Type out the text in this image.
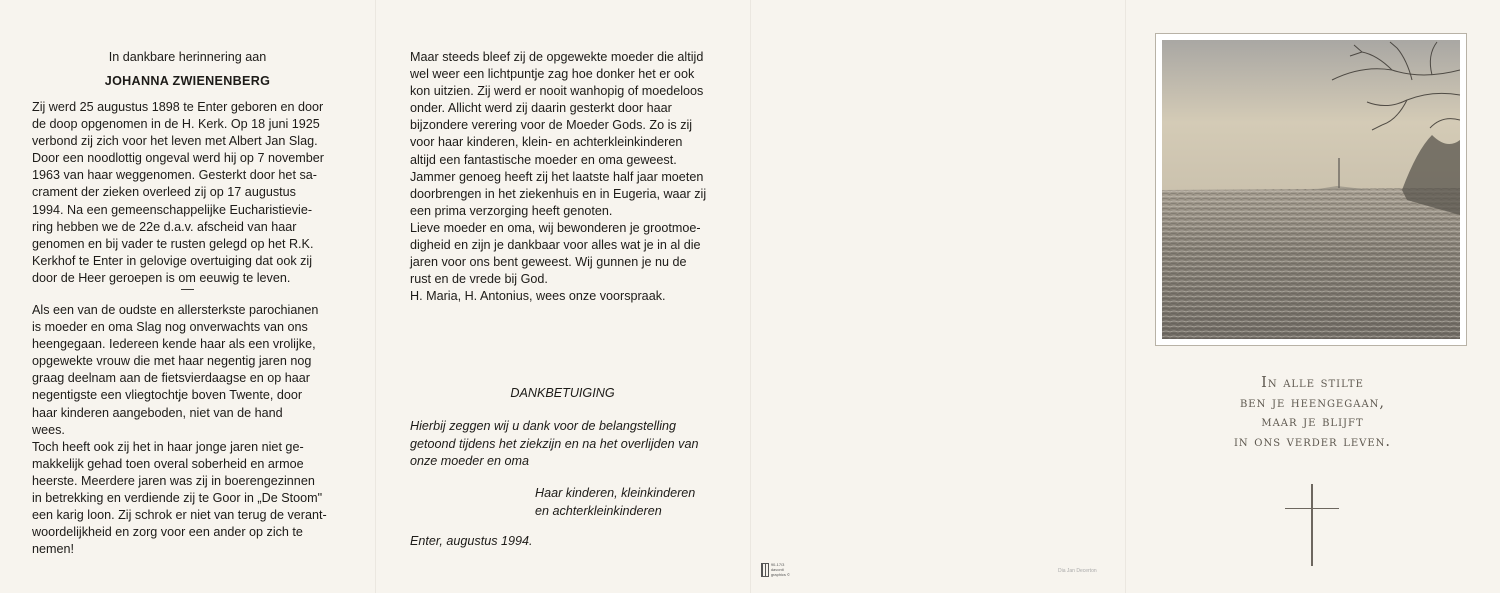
In dankbare herinnering aan
JOHANNA ZWIENENBERG
Zij werd 25 augustus 1898 te Enter geboren en door
de doop opgenomen in de H. Kerk. Op 18 juni 1925
verbond zij zich voor het leven met Albert Jan Slag.
Door een noodlottig ongeval werd hij op 7 november
1963 van haar weggenomen. Gesterkt door het sa-
crament der zieken overleed zij op 17 augustus
1994. Na een gemeenschappelijke Eucharistievie-
ring hebben we de 22e d.a.v. afscheid van haar
genomen en bij vader te rusten gelegd op het R.K.
Kerkhof te Enter in gelovige overtuiging dat ook zij
door de Heer geroepen is om eeuwig te leven.
—
Als een van de oudste en allersterkste parochianen
is moeder en oma Slag nog onverwachts van ons
heengegaan. Iedereen kende haar als een vrolijke,
opgewekte vrouw die met haar negentig jaren nog
graag deelnam aan de fietsvierdaagse en op haar
negentigste een vliegtochtje boven Twente, door
haar kinderen aangeboden, niet van de hand
wees.
Toch heeft ook zij het in haar jonge jaren niet ge-
makkelijk gehad toen overal soberheid en armoe
heerste. Meerdere jaren was zij in boerengezinnen
in betrekking en verdiende zij te Goor in „De Stoom"
een karig loon. Zij schrok er niet van terug de verant-
woordelijkheid en zorg voor een ander op zich te
nemen!
Maar steeds bleef zij de opgewekte moeder die altijd
wel weer een lichtpuntje zag hoe donker het er ook
kon uitzien. Zij werd er nooit wanhopig of moedeloos
onder. Allicht werd zij daarin gesterkt door haar
bijzondere verering voor de Moeder Gods. Zo is zij
voor haar kinderen, klein- en achterkleinkinderen
altijd een fantastische moeder en oma geweest.
Jammer genoeg heeft zij het laatste half jaar moeten
doorbrengen in het ziekenhuis en in Eugeria, waar zij
een prima verzorging heeft genoten.
Lieve moeder en oma, wij bewonderen je grootmoe-
digheid en zijn je dankbaar voor alles wat je in al die
jaren voor ons bent geweest. Wij gunnen je nu de
rust en de vrede bij God.
H. Maria, H. Antonius, wees onze voorspraak.
DANKBETUIGING
Hierbij zeggen wij u dank voor de belangstelling
getoond tijdens het ziekzijn en na het overlijden van
onze moeder en oma
Haar kinderen, kleinkinderen
en achterkleinkinderen
Enter, augustus 1994.
90-17/3
davonti graphics ©
Dia Jan Decerton
In alle stilte
ben je heengegaan,
maar je blijft
in ons verder leven.
